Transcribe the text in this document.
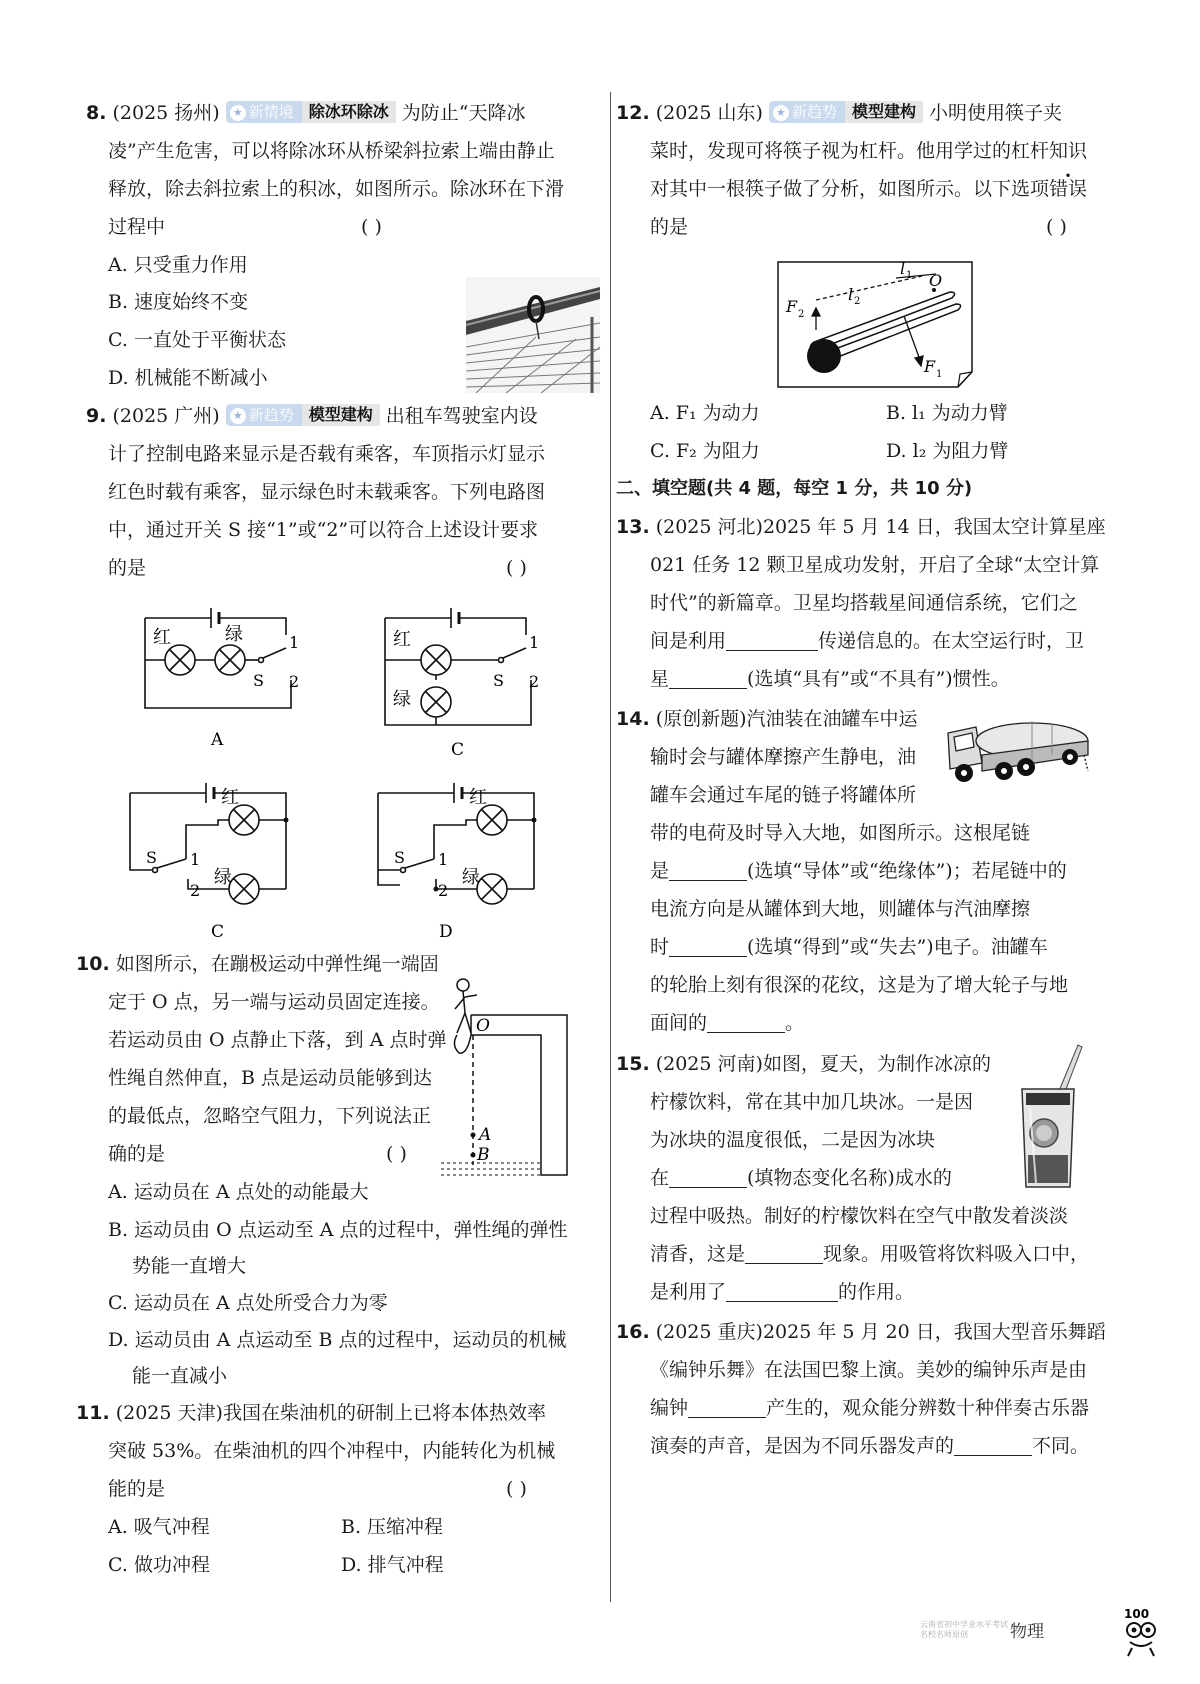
8. (2025 扬州) ★ 新情境 除冰环除冰 为防止“天降冰
凌”产生危害，可以将除冰环从桥梁斜拉索上端由静止
释放，除去斜拉索上的积冰，如图所示。除冰环在下滑
过程中	( )
A. 只受重力作用
B. 速度始终不变
C. 一直处于平衡状态
D. 机械能不断减小
9. (2025 广州) ★ 新趋势 模型建构 出租车驾驶室内设
计了控制电路来显示是否载有乘客，车顶指示灯显示
红色时载有乘客，显示绿色时未载乘客。下列电路图
中，通过开关 S 接“1”或“2”可以符合上述设计要求
的是	( )
红	绿	1
2
S
A
红
绿
1
2
S
C
红
绿
1
2
S
C
红
绿
1
2
S
D
10. 如图所示，在蹦极运动中弹性绳一端固
定于 O 点，另一端与运动员固定连接。
若运动员由 O 点静止下落，到 A 点时弹
性绳自然伸直，B 点是运动员能够到达
的最低点，忽略空气阻力，下列说法正
确的是	( )
O
A
B
A. 运动员在 A 点处的动能最大
B. 运动员由 O 点运动至 A 点的过程中，弹性绳的弹性
势能一直增大
C. 运动员在 A 点处所受合力为零
D. 运动员由 A 点运动至 B 点的过程中，运动员的机械
能一直减小
11. (2025 天津)我国在柴油机的研制上已将本体热效率
突破 53%。在柴油机的四个冲程中，内能转化为机械
能的是	( )
A. 吸气冲程	B. 压缩冲程
C. 做功冲程	D. 排气冲程
12. (2025 山东) ★ 新趋势 模型建构 小明使用筷子夹
菜时，发现可将筷子视为杠杆。他用学过的杠杆知识
对其中一根筷子做了分析，如图所示。以下选项错误
的是	( )
F 2
F 1
l 2
l 1 O
A. F₁ 为动力	B. l₁ 为动力臂
C. F₂ 为阻力	D. l₂ 为阻力臂
二、填空题(共 4 题，每空 1 分，共 10 分)
13. (2025 河北)2025 年 5 月 14 日，我国太空计算星座
021 任务 12 颗卫星成功发射，开启了全球“太空计算
时代”的新篇章。卫星均搭载星间通信系统，它们之
间是利用	传递信息的。在太空运行时，卫
星	(选填“具有”或“不具有”)惯性。
14. (原创新题)汽油装在油罐车中运
输时会与罐体摩擦产生静电，油
罐车会通过车尾的链子将罐体所
带的电荷及时导入大地，如图所示。这根尾链
是	(选填“导体”或“绝缘体”)；若尾链中的
电流方向是从罐体到大地，则罐体与汽油摩擦
时	(选填“得到”或“失去”)电子。油罐车
的轮胎上刻有很深的花纹，这是为了增大轮子与地
面间的	。
15. (2025 河南)如图，夏天，为制作冰凉的
柠檬饮料，常在其中加几块冰。一是因
为冰块的温度很低，二是因为冰块
在	(填物态变化名称)成水的
过程中吸热。制好的柠檬饮料在空气中散发着淡淡
清香，这是	现象。用吸管将饮料吸入口中，
是利用了	的作用。
16. (2025 重庆)2025 年 5 月 20 日，我国大型音乐舞蹈
《编钟乐舞》在法国巴黎上演。美妙的编钟乐声是由
编钟	产生的，观众能分辨数十种伴奏古乐器
演奏的声音，是因为不同乐器发声的	不同。
云南省初中学业水平考试
名校名师原创 物理
100
